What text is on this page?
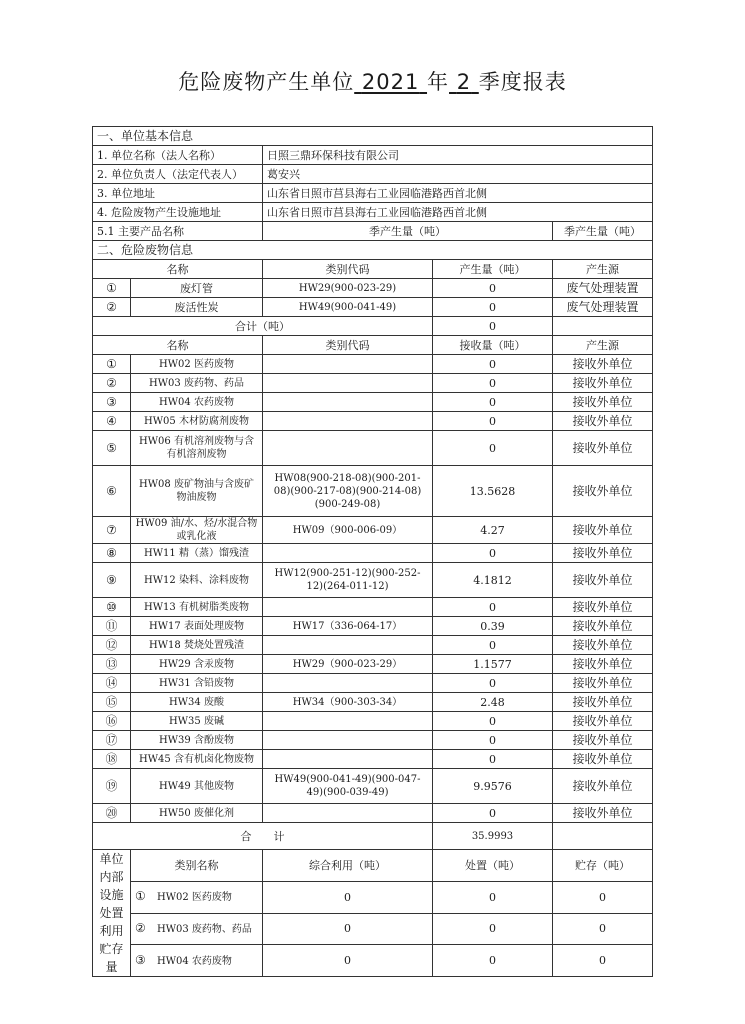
危险废物产生单位 2021 年 2 季度报表
一、单位基本信息				
1. 单位名称（法人名称）		日照三鼎环保科技有限公司		
2. 单位负责人（法定代表人）		葛安兴		
3. 单位地址		山东省日照市莒县海右工业园临港路西首北侧		
4. 危险废物产生设施地址		山东省日照市莒县海右工业园临港路西首北侧		
5.1 主要产品名称		季产生量（吨）		季产生量（吨）
二、危险废物信息				
名称		类别代码	产生量（吨）	产生源
①	废灯管	HW29(900-023-29)	0	废气处理装置
②	废活性炭	HW49(900-041-49)	0	废气处理装置
合计（吨）			0	
名称		类别代码	接收量（吨）	产生源
①	HW02 医药废物		0	接收外单位
②	HW03 废药物、药品		0	接收外单位
③	HW04 农药废物		0	接收外单位
④	HW05 木材防腐剂废物		0	接收外单位
⑤	HW06 有机溶剂废物与含有机溶剂废物		0	接收外单位
⑥	HW08 废矿物油与含废矿物油废物	HW08(900-218-08)(900-201-08)(900-217-08)(900-214-08)(900-249-08)	13.5628	接收外单位
⑦	HW09 油/水、烃/水混合物或乳化液	HW09（900-006-09）	4.27	接收外单位
⑧	HW11 精（蒸）馏残渣		0	接收外单位
⑨	HW12 染料、涂料废物	HW12(900-251-12)(900-252-12)(264-011-12)	4.1812	接收外单位
⑩	HW13 有机树脂类废物		0	接收外单位
⑪	HW17 表面处理废物	HW17（336-064-17）	0.39	接收外单位
⑫	HW18 焚烧处置残渣		0	接收外单位
⑬	HW29 含汞废物	HW29（900-023-29）	1.1577	接收外单位
⑭	HW31 含铅废物		0	接收外单位
⑮	HW34 废酸	HW34（900-303-34）	2.48	接收外单位
⑯	HW35 废碱		0	接收外单位
⑰	HW39 含酚废物		0	接收外单位
⑱	HW45 含有机卤化物废物		0	接收外单位
⑲	HW49 其他废物	HW49(900-041-49)(900-047-49)(900-039-49)	9.9576	接收外单位
⑳	HW50 废催化剂		0	接收外单位
合　　计			35.9993	
单位内部设施处置利用贮存量	类别名称	综合利用（吨）	处置（吨）	贮存（吨）
	① HW02 医药废物	0	0	0
	② HW03 废药物、药品	0	0	0
	③ HW04 农药废物	0	0	0
